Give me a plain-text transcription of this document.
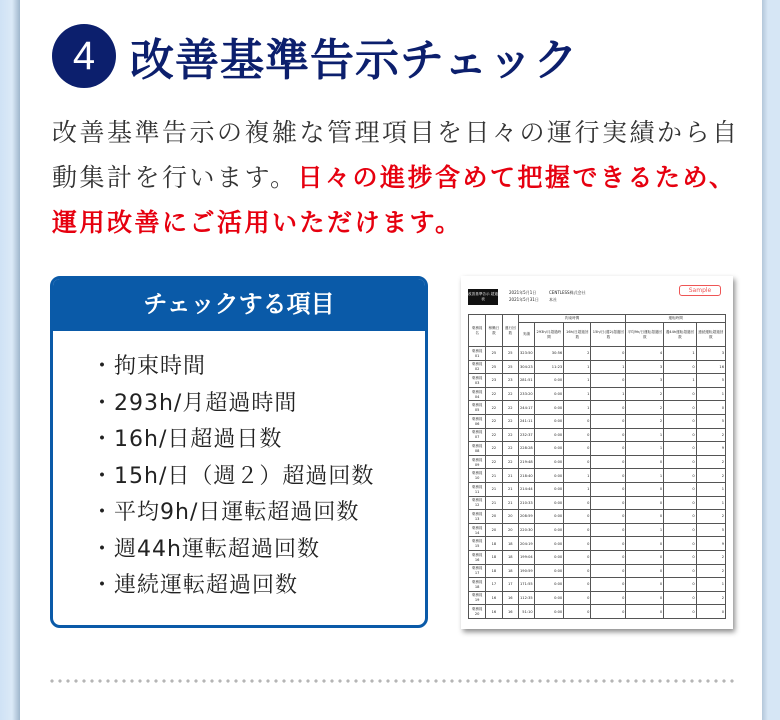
4 改善基準告示チェック

改善基準告示の複雑な管理項目を日々の運行実績から自動集計を行います。日々の進捗含めて把握できるため、運用改善にご活用いただけます。

チェックする項目
・拘束時間
・293h/月超過時間
・16h/日超過日数
・15h/日（週２）超過回数
・平均9h/日運転超過回数
・週44h運転超過回数
・連続運転超過回数
改善基準告示 超過表
2021年5月1日
2021年5月31日
CENTLESS株式会社
本社
Sample
乗務員名	稼働日数	運行回数	拘束時間				運転時間		
			実績	293h/月超過時間	16h/日超過回数	15h/日(週2)超過回数	平均9h/日運転超過回数	週44h運転超過回数	連続運転超過回数
乗務員01	25	25	323:50	30:56	2	0	4	1	3
乗務員02	25	25	304:23	11:23	1	1	3	0	16
乗務員03	23	23	281:51	0:00	1	0	3	1	5
乗務員04	22	22	233:20	0:00	1	1	2	0	1
乗務員05	22	22	244:17	0:00	1	0	2	0	0
乗務員06	22	22	241:11	0:00	0	0	2	0	5
乗務員07	22	22	232:37	0:00	0	0	1	0	2
乗務員08	22	22	228:28	0:00	0	0	1	0	9
乗務員09	22	22	219:48	0:00	0	0	0	0	2
乗務員10	21	21	218:40	0:00	1	0	1	0	2
乗務員11	21	21	214:44	0:00	1	0	0	0	1
乗務員12	21	21	210:33	0:00	0	0	0	0	1
乗務員13	20	20	208:59	0:00	0	0	0	0	2
乗務員14	20	20	220:30	0:00	0	0	1	0	5
乗務員15	18	18	204:19	0:00	0	0	0	0	9
乗務員16	18	18	199:04	0:00	0	0	0	0	2
乗務員17	18	18	190:59	0:00	0	0	0	0	2
乗務員18	17	17	171:55	0:00	0	0	0	0	1
乗務員19	16	16	112:35	0:00	0	0	0	0	2
乗務員20	16	16	51:10	0:00	0	0	0	0	0
